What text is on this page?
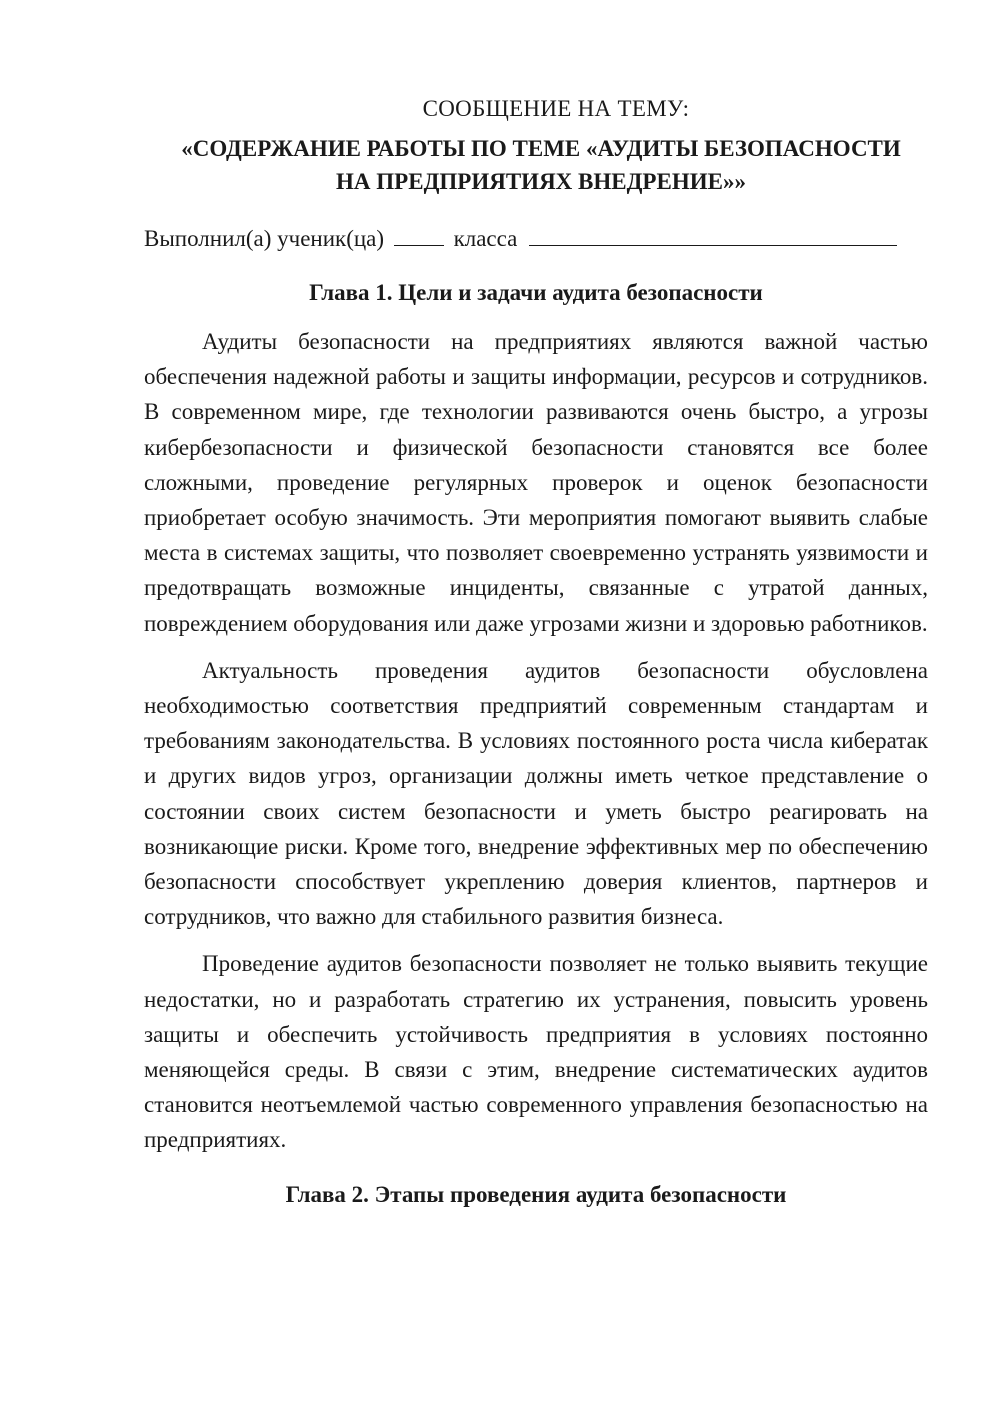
СООБЩЕНИЕ НА ТЕМУ:
«СОДЕРЖАНИЕ РАБОТЫ ПО ТЕМЕ «АУДИТЫ БЕЗОПАСНОСТИ
НА ПРЕДПРИЯТИЯХ ВНЕДРЕНИЕ»»
Выполнил(а) ученик(ца)	класса
Глава 1. Цели и задачи аудита безопасности

Аудиты безопасности на предприятиях являются важной частью обеспечения надежной работы и защиты информации, ресурсов и сотрудников. В современном мире, где технологии развиваются очень быстро, а угрозы кибербезопасности и физической безопасности становятся все более сложными, проведение регулярных проверок и оценок безопасности приобретает особую значимость. Эти мероприятия помогают выявить слабые места в системах защиты, что позволяет своевременно устранять уязвимости и предотвращать возможные инциденты, связанные с утратой данных, повреждением оборудования или даже угрозами жизни и здоровью работников.

Актуальность проведения аудитов безопасности обусловлена необходимостью соответствия предприятий современным стандартам и требованиям законодательства. В условиях постоянного роста числа кибератак и других видов угроз, организации должны иметь четкое представление о состоянии своих систем безопасности и уметь быстро реагировать на возникающие риски. Кроме того, внедрение эффективных мер по обеспечению безопасности способствует укреплению доверия клиентов, партнеров и сотрудников, что важно для стабильного развития бизнеса.

Проведение аудитов безопасности позволяет не только выявить текущие недостатки, но и разработать стратегию их устранения, повысить уровень защиты и обеспечить устойчивость предприятия в условиях постоянно меняющейся среды. В связи с этим, внедрение систематических аудитов становится неотъемлемой частью современного управления безопасностью на предприятиях.

Глава 2. Этапы проведения аудита безопасности
